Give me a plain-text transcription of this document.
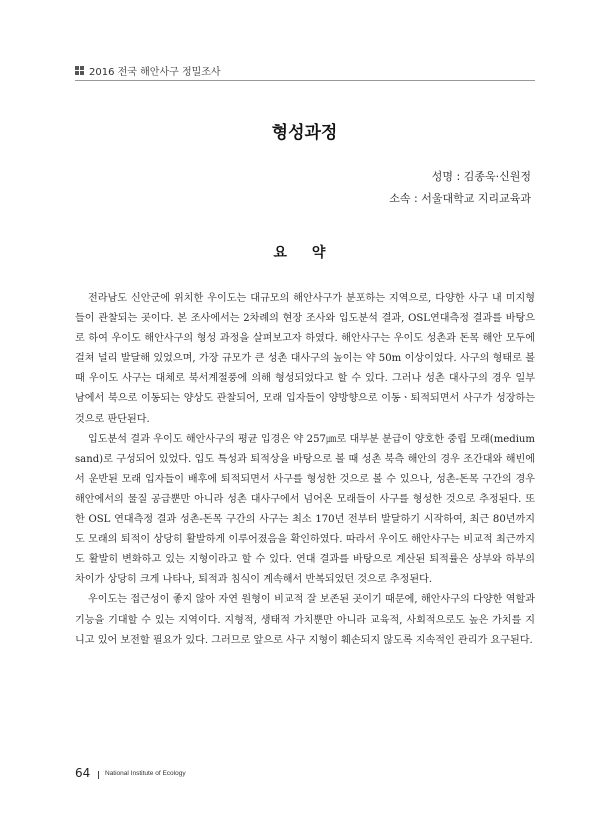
2016 전국 해안사구 정밀조사
형성과정
성명 : 김종욱·신원정
소속 : 서울대학교 지리교육과
요 약

전라남도 신안군에 위치한 우이도는 대규모의 해안사구가 분포하는 지역으로, 다양한 사구 내 미지형들이 관찰되는 곳이다. 본 조사에서는 2차례의 현장 조사와 입도분석 결과, OSL연대측정 결과를 바탕으로 하여 우이도 해안사구의 형성 과정을 살펴보고자 하였다. 해안사구는 우이도 성촌과 돈목 해안 모두에 걸쳐 널리 발달해 있었으며, 가장 규모가 큰 성촌 대사구의 높이는 약 50m 이상이었다. 사구의 형태로 볼 때 우이도 사구는 대체로 북서계절풍에 의해 형성되었다고 할 수 있다. 그러나 성촌 대사구의 경우 일부 남에서 북으로 이동되는 양상도 관찰되어, 모래 입자들이 양방향으로 이동ㆍ퇴적되면서 사구가 성장하는 것으로 판단된다.

입도분석 결과 우이도 해안사구의 평균 입경은 약 257㎛로 대부분 분급이 양호한 중립 모래(medium sand)로 구성되어 있었다. 입도 특성과 퇴적상을 바탕으로 볼 때 성촌 북측 해안의 경우 조간대와 해빈에서 운반된 모래 입자들이 배후에 퇴적되면서 사구를 형성한 것으로 볼 수 있으나, 성촌-돈목 구간의 경우 해안에서의 물질 공급뿐만 아니라 성촌 대사구에서 넘어온 모래들이 사구를 형성한 것으로 추정된다. 또한 OSL 연대측정 결과 성촌-돈목 구간의 사구는 최소 170년 전부터 발달하기 시작하여, 최근 80년까지도 모래의 퇴적이 상당히 활발하게 이루어졌음을 확인하였다. 따라서 우이도 해안사구는 비교적 최근까지도 활발히 변화하고 있는 지형이라고 할 수 있다. 연대 결과를 바탕으로 계산된 퇴적률은 상부와 하부의 차이가 상당히 크게 나타나, 퇴적과 침식이 계속해서 반복되었던 것으로 추정된다.

우이도는 접근성이 좋지 않아 자연 원형이 비교적 잘 보존된 곳이기 때문에, 해안사구의 다양한 역할과 기능을 기대할 수 있는 지역이다. 지형적, 생태적 가치뿐만 아니라 교육적, 사회적으로도 높은 가치를 지니고 있어 보전할 필요가 있다. 그러므로 앞으로 사구 지형이 훼손되지 않도록 지속적인 관리가 요구된다.

64 National Institute of Ecology
